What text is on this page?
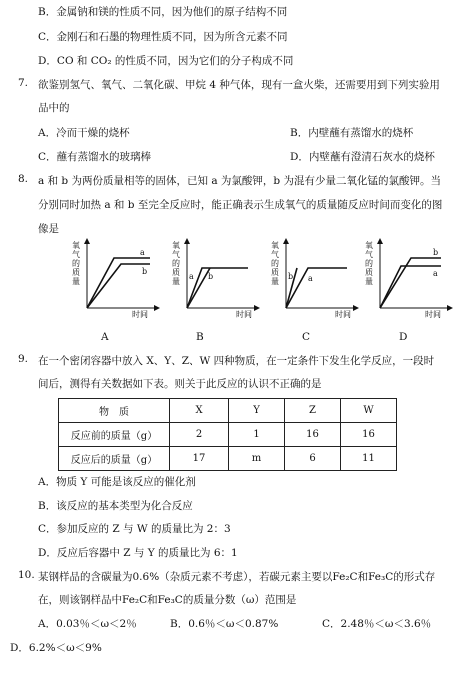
B．金属钠和镁的性质不同，因为他们的原子结构不同
C．金刚石和石墨的物理性质不同，因为所含元素不同
D．CO 和 CO₂ 的性质不同，因为它们的分子构成不同
7. 欲鉴别氢气、氧气、二氧化碳、甲烷 4 种气体，现有一盒火柴，还需要用到下列实验用
品中的
A．冷而干燥的烧杯	B．内壁蘸有蒸馏水的烧杯
C．蘸有蒸馏水的玻璃棒	D．内壁蘸有澄清石灰水的烧杯
8. a 和 b 为两份质量相等的固体，已知 a 为氯酸钾，b 为混有少量二氧化锰的氯酸钾。当
分别同时加热 a 和 b 至完全反应时，能正确表示生成氧气的质量随反应时间而变化的图
像是
氧
气
的
质
量
a
b
时间
A
氧
气
的
质
量
a b
时间
B
氧
气
的
质
量
b a
时间
C
氧
气
的
质
量
b
a
时间
D
9. 在一个密闭容器中放入 X、Y、Z、W 四种物质，在一定条件下发生化学反应，一段时
间后，测得有关数据如下表。则关于此反应的认识不正确的是
物　质	X	Y	Z	W
反应前的质量（g）	2	1	16	16
反应后的质量（g）	17	m	6	11
A．物质 Y 可能是该反应的催化剂
B．该反应的基本类型为化合反应
C．参加反应的 Z 与 W 的质量比为 2：3
D．反应后容器中 Z 与 Y 的质量比为 6：1
10. 某钢样品的含碳量为0.6%（杂质元素不考虑），若碳元素主要以Fe₂C和Fe₃C的形式存
在，则该钢样品中Fe₂C和Fe₃C的质量分数（ω）范围是
A．0.03％＜ω＜2％	B．0.6％＜ω＜0.87%	C．2.48％＜ω＜3.6％
D．6.2%＜ω＜9%
